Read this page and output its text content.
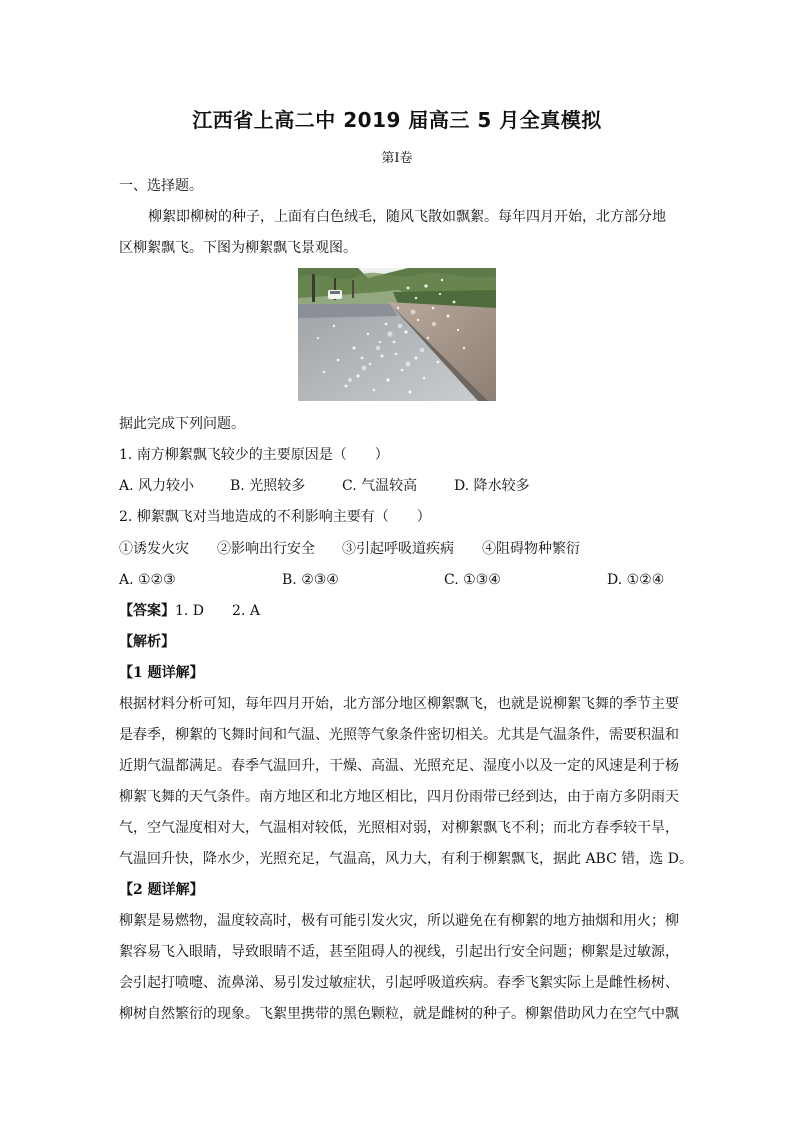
江西省上高二中 2019 届高三 5 月全真模拟
第Ⅰ卷
一、选择题。
柳絮即柳树的种子，上面有白色绒毛，随风飞散如飘絮。每年四月开始，北方部分地
区柳絮飘飞。下图为柳絮飘飞景观图。
据此完成下列问题。
1. 南方柳絮飘飞较少的主要原因是（　　）
A. 风力较小	B. 光照较多	C. 气温较高	D. 降水较多
2. 柳絮飘飞对当地造成的不利影响主要有（　　）
①诱发火灾 ②影响出行安全 ③引起呼吸道疾病 ④阻碍物种繁衍
A. ①②③	B. ②③④	C. ①③④	D. ①②④
【答案】1. D　　2. A
【解析】
【1 题详解】
根据材料分析可知，每年四月开始，北方部分地区柳絮飘飞，也就是说柳絮飞舞的季节主要
是春季，柳絮的飞舞时间和气温、光照等气象条件密切相关。尤其是气温条件，需要积温和
近期气温都满足。春季气温回升，干燥、高温、光照充足、湿度小以及一定的风速是利于杨
柳絮飞舞的天气条件。南方地区和北方地区相比，四月份雨带已经到达，由于南方多阴雨天
气，空气湿度相对大，气温相对较低，光照相对弱，对柳絮飘飞不利；而北方春季较干旱，
气温回升快，降水少，光照充足，气温高，风力大，有利于柳絮飘飞，据此 ABC 错，选 D。
【2 题详解】
柳絮是易燃物，温度较高时，极有可能引发火灾，所以避免在有柳絮的地方抽烟和用火；柳
絮容易飞入眼睛，导致眼睛不适，甚至阻碍人的视线，引起出行安全问题；柳絮是过敏源，
会引起打喷嚏、流鼻涕、易引发过敏症状，引起呼吸道疾病。春季飞絮实际上是雌性杨树、
柳树自然繁衍的现象。飞絮里携带的黑色颗粒，就是雌树的种子。柳絮借助风力在空气中飘
